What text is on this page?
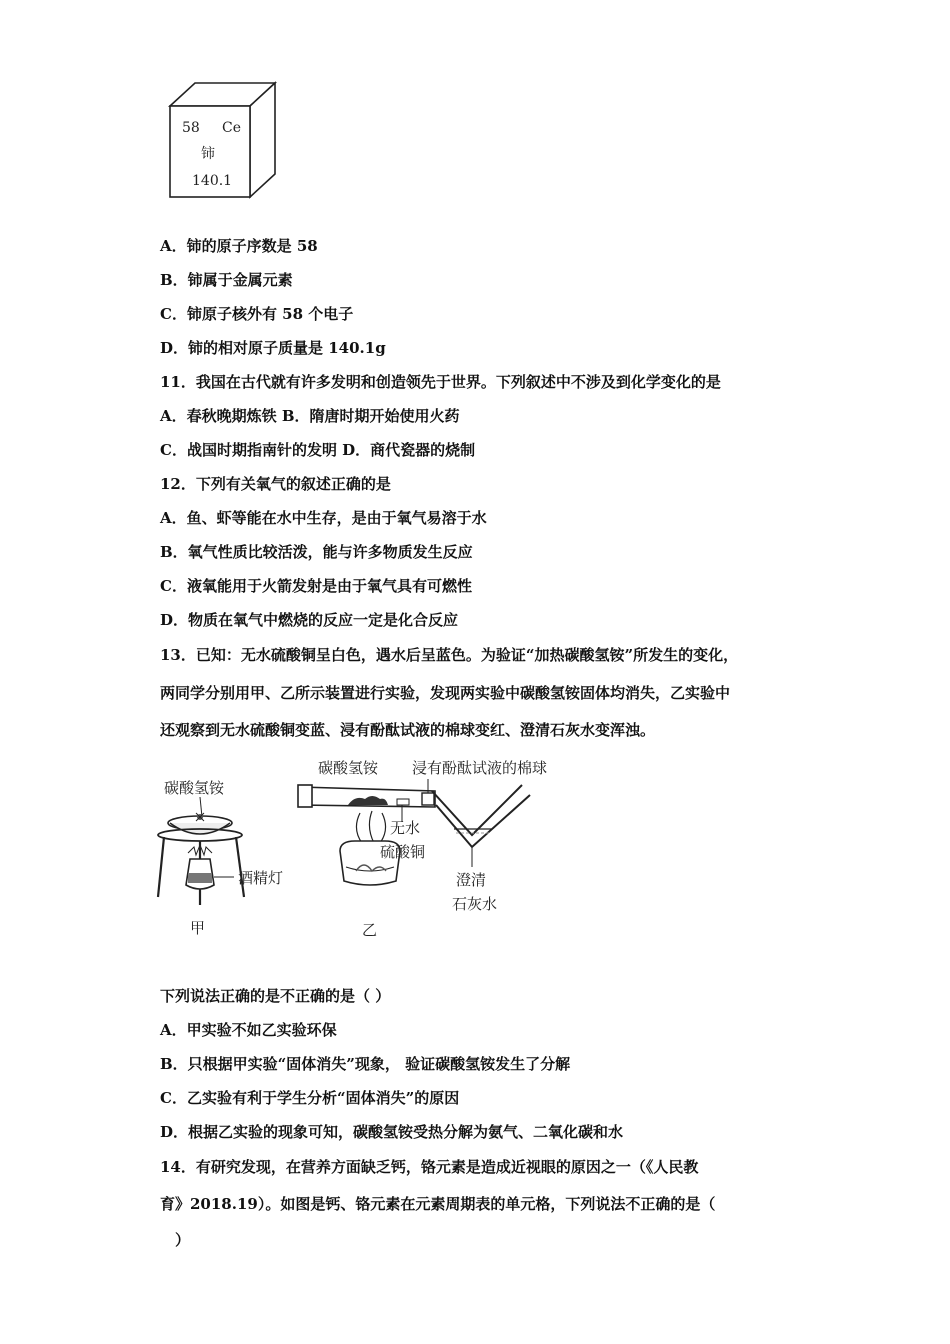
58 Ce
铈
140.1
A．铈的原子序数是 58
B．铈属于金属元素
C．铈原子核外有 58 个电子
D．铈的相对原子质量是 140.1g
11．我国在古代就有许多发明和创造领先于世界。下列叙述中不涉及到化学变化的是
A．春秋晚期炼铁 B．隋唐时期开始使用火药
C．战国时期指南针的发明 D．商代瓷器的烧制
12．下列有关氧气的叙述正确的是
A．鱼、虾等能在水中生存，是由于氧气易溶于水
B．氧气性质比较活泼，能与许多物质发生反应
C．液氧能用于火箭发射是由于氧气具有可燃性
D．物质在氧气中燃烧的反应一定是化合反应
13．已知：无水硫酸铜呈白色，遇水后呈蓝色。为验证“加热碳酸氢铵”所发生的变化，
两同学分别用甲、乙所示装置进行实验，发现两实验中碳酸氢铵固体均消失，乙实验中
还观察到无水硫酸铜变蓝、浸有酚酞试液的棉球变红、澄清石灰水变浑浊。
碳酸氢铵
酒精灯
甲
碳酸氢铵 浸有酚酞试液的棉球
无水
硫酸铜
澄清
石灰水
乙
下列说法正确的是不正确的是（ ）
A．甲实验不如乙实验环保
B．只根据甲实验“固体消失”现象， 验证碳酸氢铵发生了分解
C．乙实验有利于学生分析“固体消失”的原因
D．根据乙实验的现象可知，碳酸氢铵受热分解为氨气、二氧化碳和水
14．有研究发现，在营养方面缺乏钙，铬元素是造成近视眼的原因之一（《人民教
育》2018.19）。如图是钙、铬元素在元素周期表的单元格，下列说法不正确的是（
）
